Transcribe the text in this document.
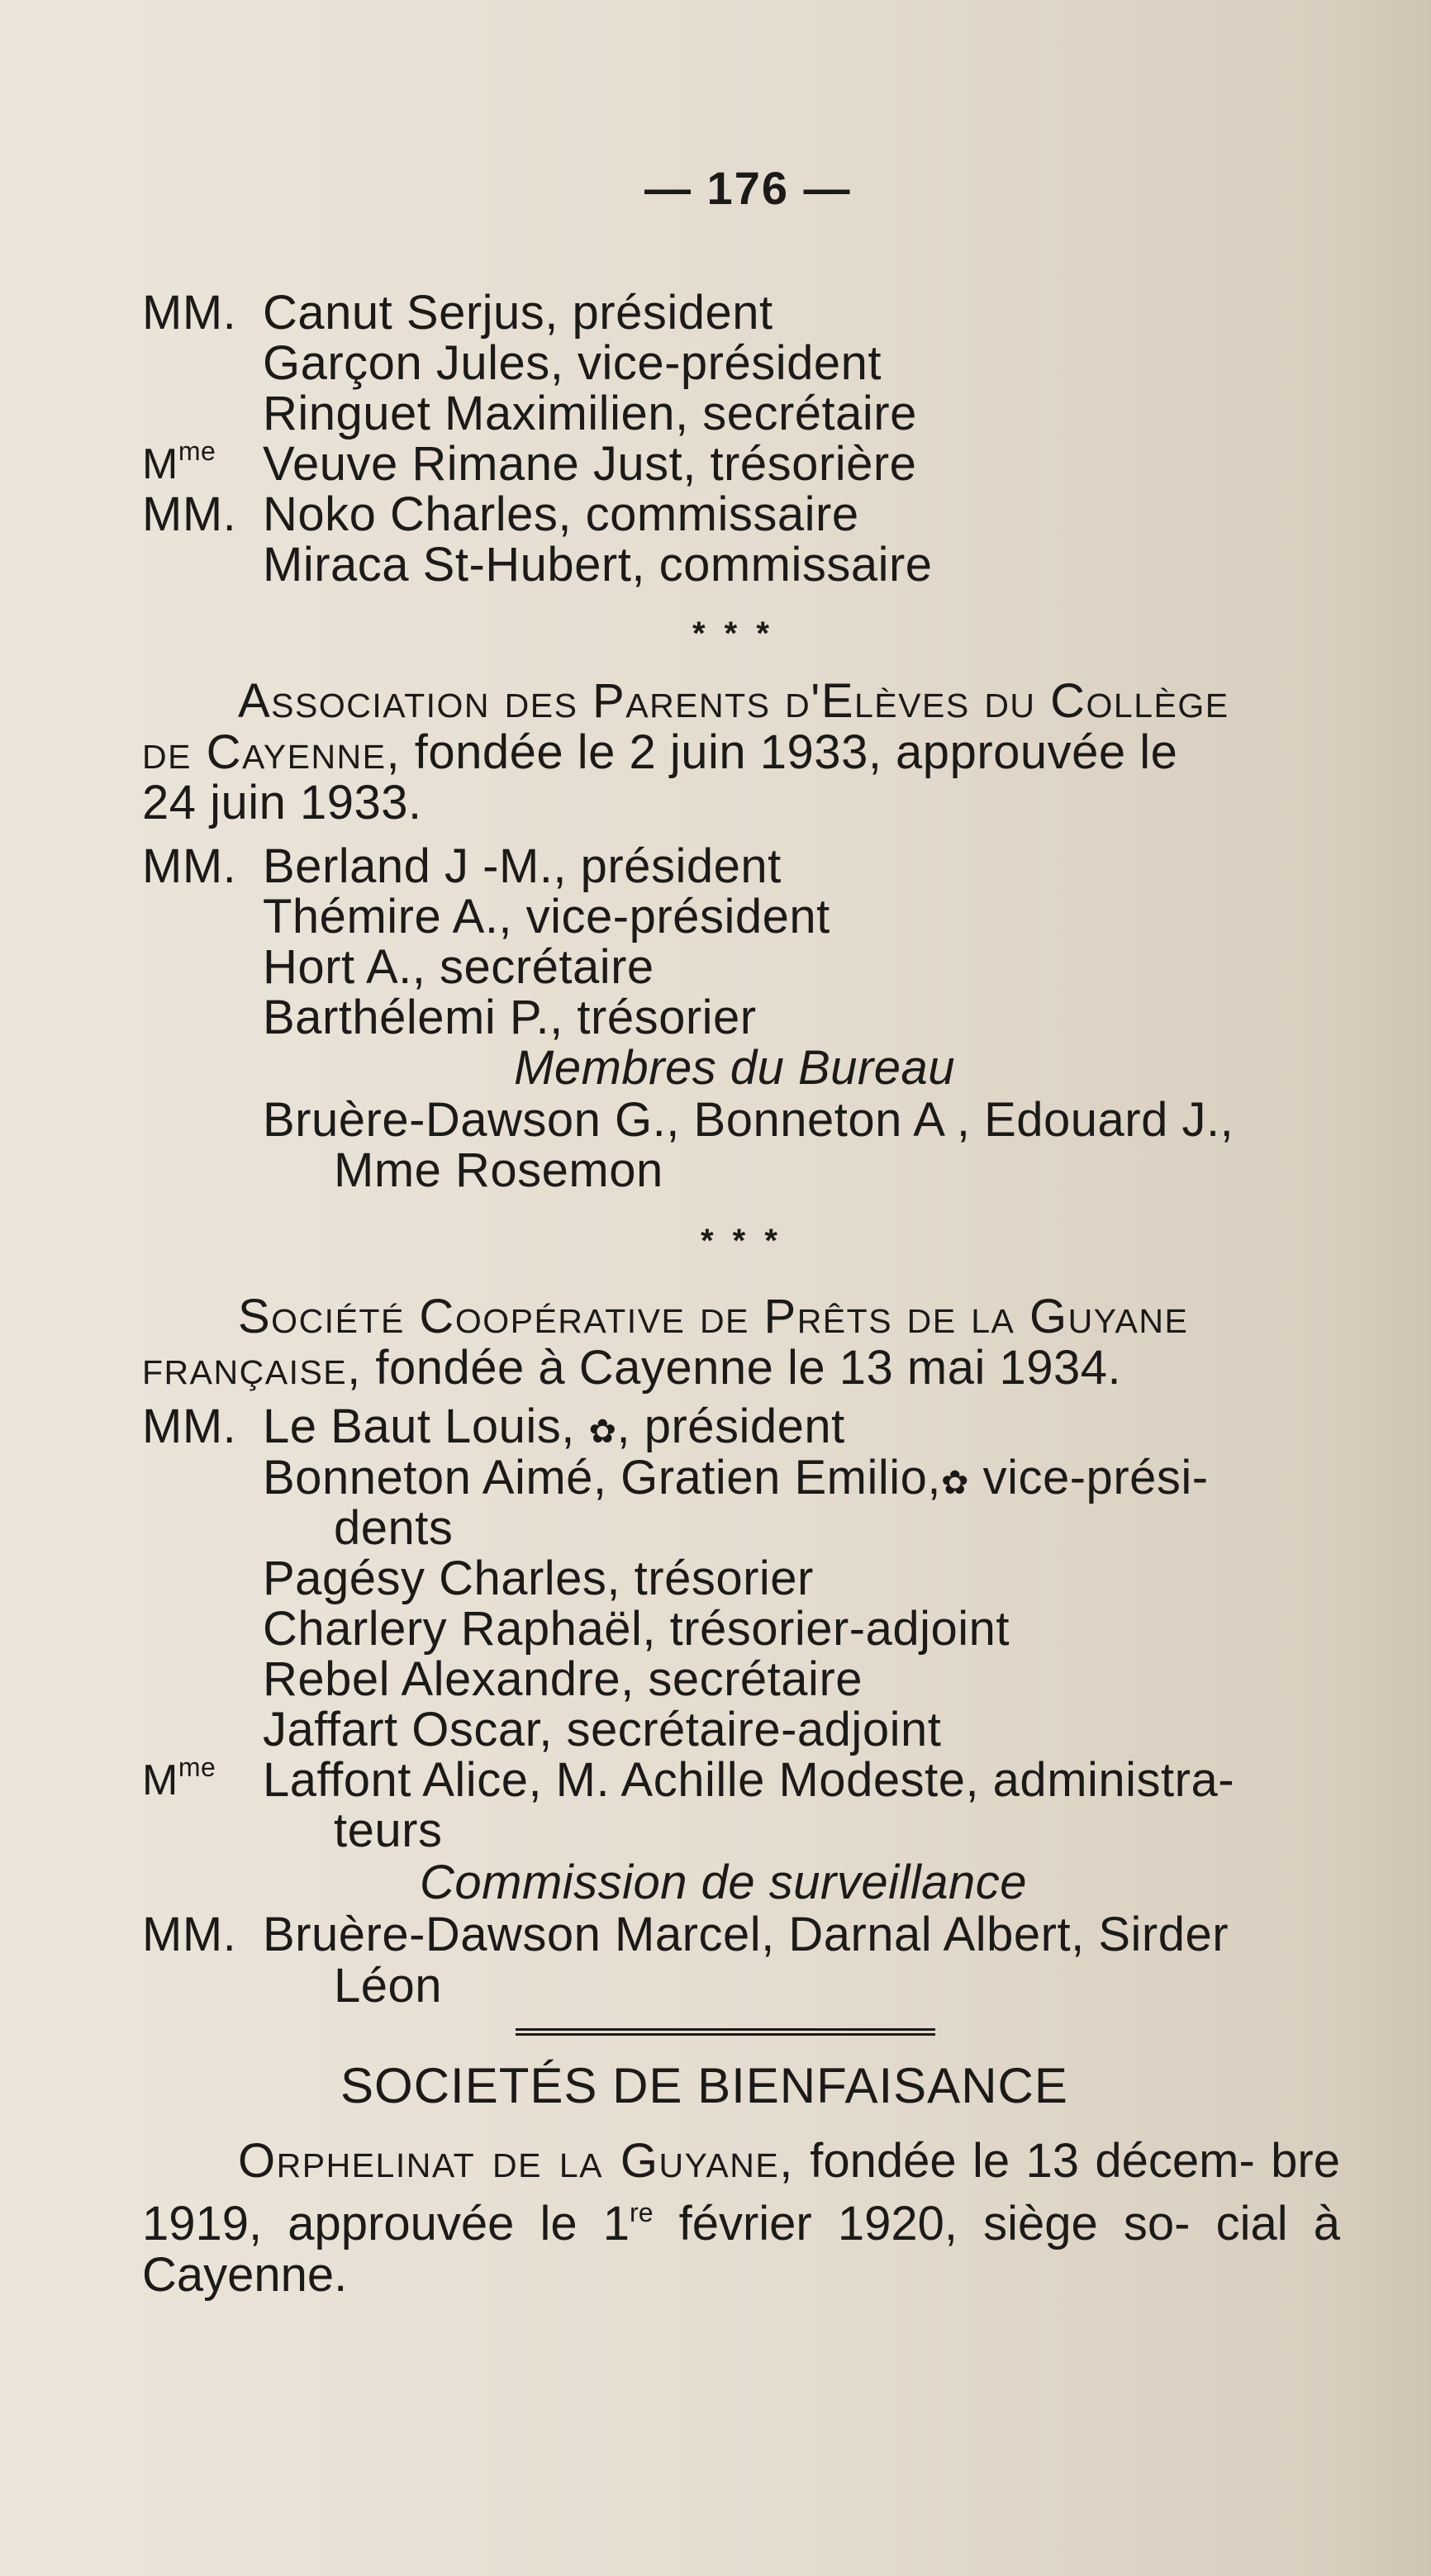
— 176 —
MM. Canut Serjus, président
Garçon Jules, vice-président
Ringuet Maximilien, secrétaire
$M^{me}$ Veuve Rimane Just, trésorière
MM. Noko Charles, commissaire
Miraca St-Hubert, commissaire
* * *
Association des Parents d'Elèves du Collège
de Cayenne, fondée le 2 juin 1933, approuvée le
24 juin 1933.
MM. Berland J -M., président
Thémire A., vice-président
Hort A., secrétaire
Barthélemi P., trésorier
Membres du Bureau
Bruère-Dawson G., Bonneton A , Edouard J.,
Mme Rosemon
* * *
Société Coopérative de Prêts de la Guyane
française, fondée à Cayenne le 13 mai 1934.
MM. Le Baut Louis, ✿, président
Bonneton Aimé, Gratien Emilio,✿ vice-prési-
dents
Pagésy Charles, trésorier
Charlery Raphaël, trésorier-adjoint
Rebel Alexandre, secrétaire
Jaffart Oscar, secrétaire-adjoint
$M^{me}$ Laffont Alice, M. Achille Modeste, administra-
teurs
Commission de surveillance
MM. Bruère-Dawson Marcel, Darnal Albert, Sirder
Léon
SOCIETÉS DE BIENFAISANCE
Orphelinat de la Guyane, fondée le 13 décem- bre 1919, approuvée le 1re février 1920, siège so- cial à Cayenne.
